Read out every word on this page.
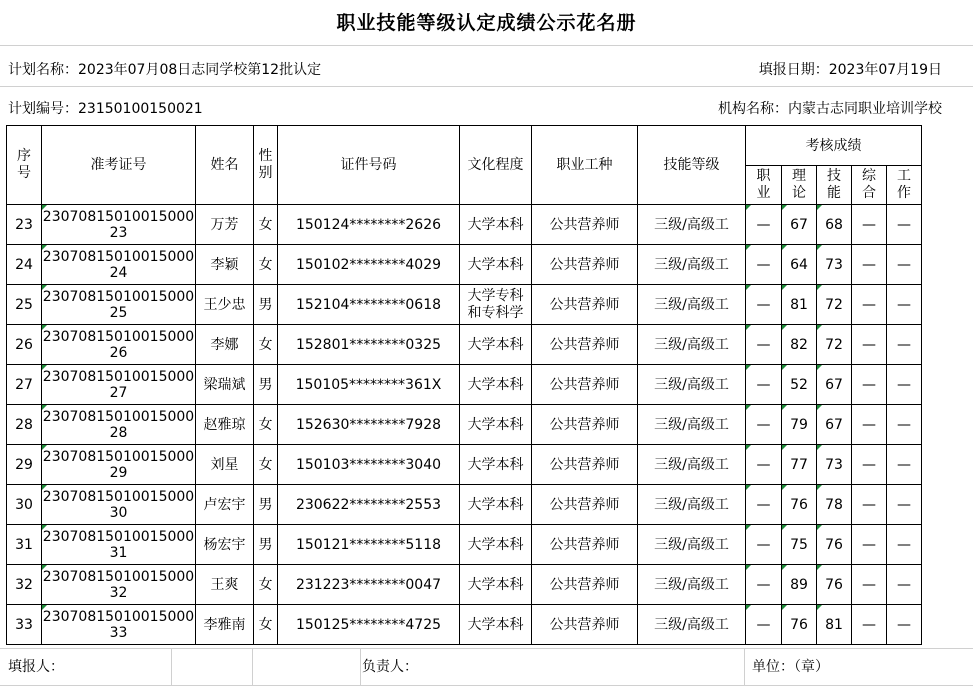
职业技能等级认定成绩公示花名册
计划名称：2023年07月08日志同学校第12批认定	填报日期：2023年07月19日
计划编号：23150100150021	机构名称：内蒙古志同职业培训学校
序号	准考证号	姓名	性别	证件号码	文化程度	职业工种	技能等级	考核成绩				
								职业	理论	技能	综合	工作
23	2307081501001500023	万芳	女	150124********2626	大学本科	公共营养师	三级/高级工	—	67	68	—	—
24	2307081501001500024	李颖	女	150102********4029	大学本科	公共营养师	三级/高级工	—	64	73	—	—
25	2307081501001500025	王少忠	男	152104********0618	大学专科和专科学	公共营养师	三级/高级工	—	81	72	—	—
26	2307081501001500026	李娜	女	152801********0325	大学本科	公共营养师	三级/高级工	—	82	72	—	—
27	2307081501001500027	梁瑞斌	男	150105********361X	大学本科	公共营养师	三级/高级工	—	52	67	—	—
28	2307081501001500028	赵雅琼	女	152630********7928	大学本科	公共营养师	三级/高级工	—	79	67	—	—
29	2307081501001500029	刘星	女	150103********3040	大学本科	公共营养师	三级/高级工	—	77	73	—	—
30	2307081501001500030	卢宏宇	男	230622********2553	大学本科	公共营养师	三级/高级工	—	76	78	—	—
31	2307081501001500031	杨宏宇	男	150121********5118	大学本科	公共营养师	三级/高级工	—	75	76	—	—
32	2307081501001500032	王爽	女	231223********0047	大学本科	公共营养师	三级/高级工	—	89	76	—	—
33	2307081501001500033	李雅南	女	150125********4725	大学本科	公共营养师	三级/高级工	—	76	81	—	—
填报人：	负责人：	单位：（章）
